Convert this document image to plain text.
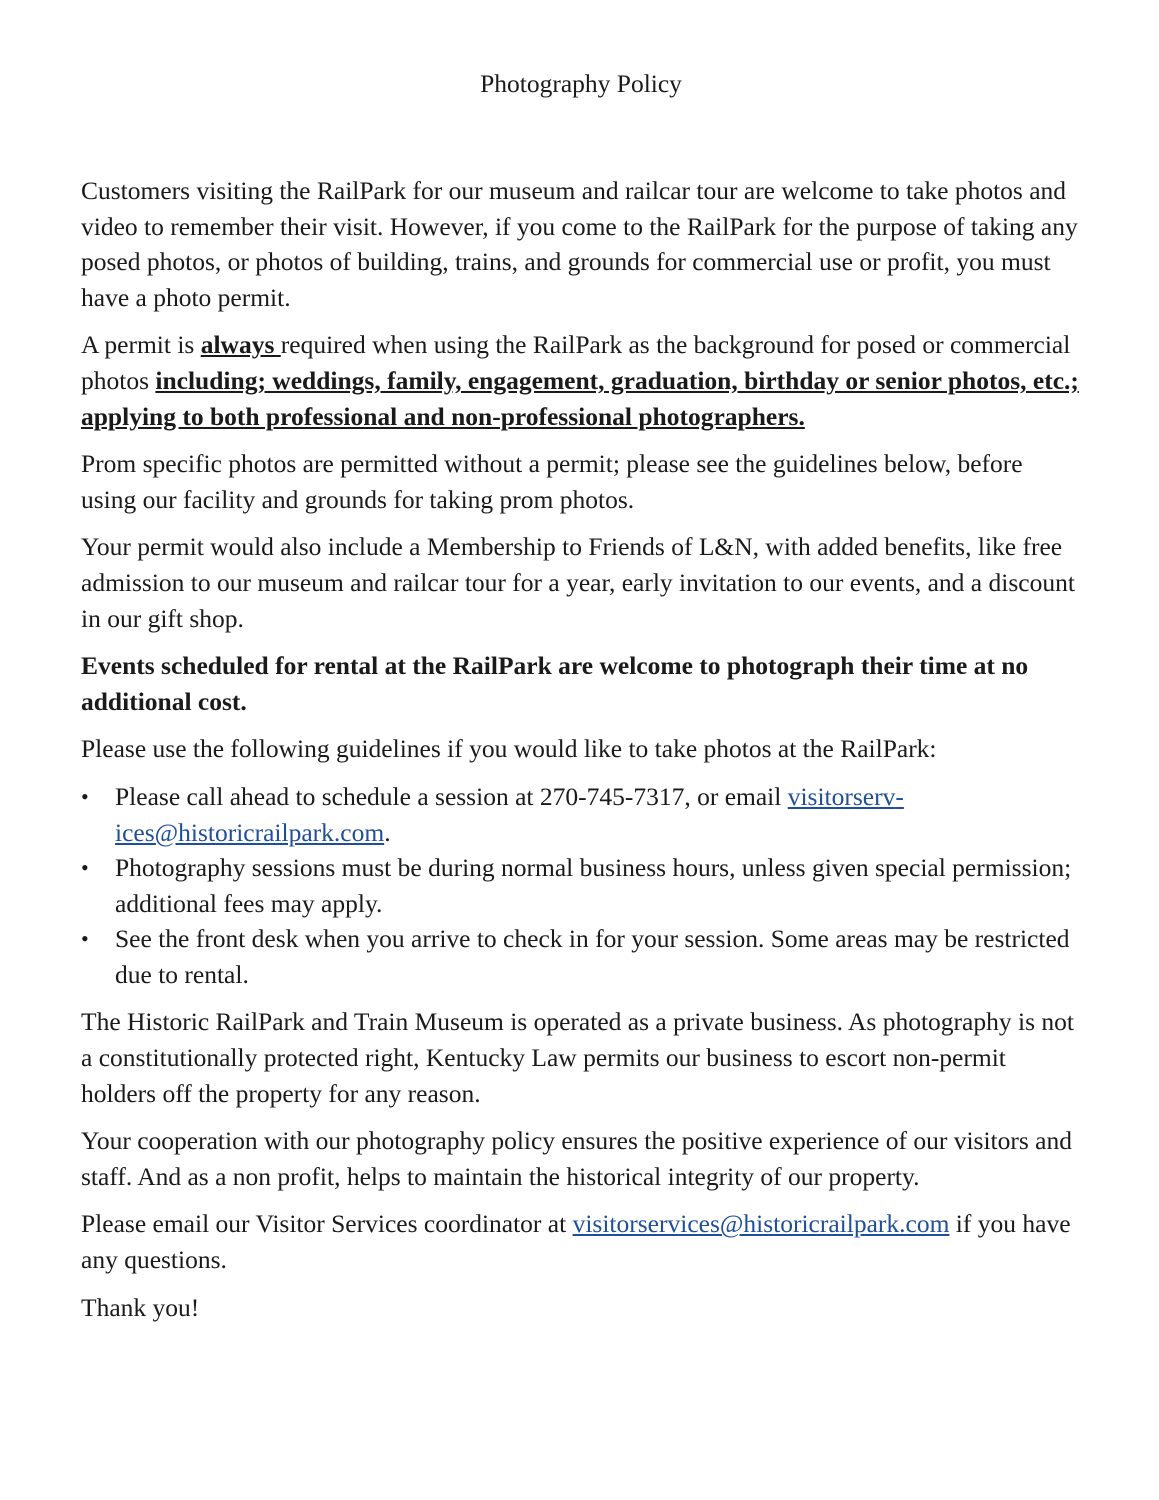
Photography Policy

Customers visiting the RailPark for our museum and railcar tour are welcome to take photos and video to remember their visit. However, if you come to the RailPark for the purpose of taking any posed photos, or photos of building, trains, and grounds for commercial use or profit, you must have a photo permit.

A permit is always required when using the RailPark as the background for posed or commercial photos including; weddings, family, engagement, graduation, birthday or senior photos, etc.; applying to both professional and non-professional photographers.

Prom specific photos are permitted without a permit; please see the guidelines below, before using our facility and grounds for taking prom photos.

Your permit would also include a Membership to Friends of L&N, with added benefits, like free admission to our museum and railcar tour for a year, early invitation to our events, and a discount in our gift shop.

Events scheduled for rental at the RailPark are welcome to photograph their time at no additional cost.

Please use the following guidelines if you would like to take photos at the RailPark:

• Please call ahead to schedule a session at 270-745-7317, or email visitorservices@historicrailpark.com.
• Photography sessions must be during normal business hours, unless given special permission; additional fees may apply.
• See the front desk when you arrive to check in for your session. Some areas may be restricted due to rental.

The Historic RailPark and Train Museum is operated as a private business. As photography is not a constitutionally protected right, Kentucky Law permits our business to escort non-permit holders off the property for any reason.

Your cooperation with our photography policy ensures the positive experience of our visitors and staff. And as a non profit, helps to maintain the historical integrity of our property.

Please email our Visitor Services coordinator at visitorservices@historicrailpark.com if you have any questions.

Thank you!
